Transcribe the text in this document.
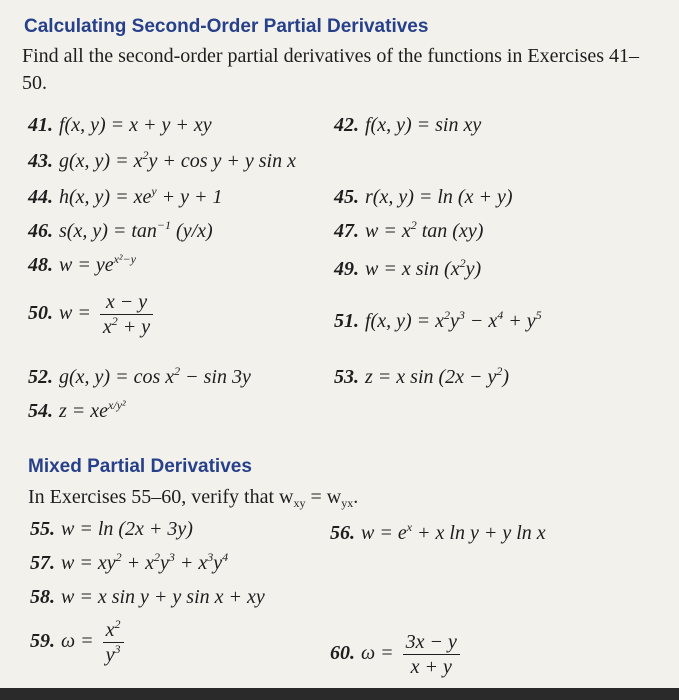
Calculating Second-Order Partial Derivatives
Find all the second-order partial derivatives of the functions in Exercises 41–50.
41. f(x, y) = x + y + xy	42. f(x, y) = sin xy
43. g(x, $y) = x^2y + \cos y + y$ sin x
44. h(x, $y) = xe^y + y + 1$	45. r(x, y) = ln (x + y)
46. s(x, $y) = \tan^{-1} (y/x)$	47. $w = x^2$ tan (xy)
48. $w = ye^{x^2-y}$	49. w = x $\sin (x^2y)$
50. $w = \frac{x - y}{x^2 + y}$	51. f(x, $y) = x^2y^3 - x^4 + y^5$
52. g(x, $y) = \cos x^2 - \sin 3y$	53. z = x $\sin (2x - y^2)$
54. $z = xe^{x/y^2}$
Mixed Partial Derivatives
In Exercises 55–60, verify that $w_{xy} = w_{yx}$.
55. w = ln (2x + 3y)	56. $w = e^x + x$ ln y + y ln x
57. $w = xy^2 + x^2y^3 + x^3y^4$
58. w = x sin y + y sin x + xy
59. $\omega = \frac{x^2}{y^3}$	60. $\omega = \frac{3x - y}{x + y}$
